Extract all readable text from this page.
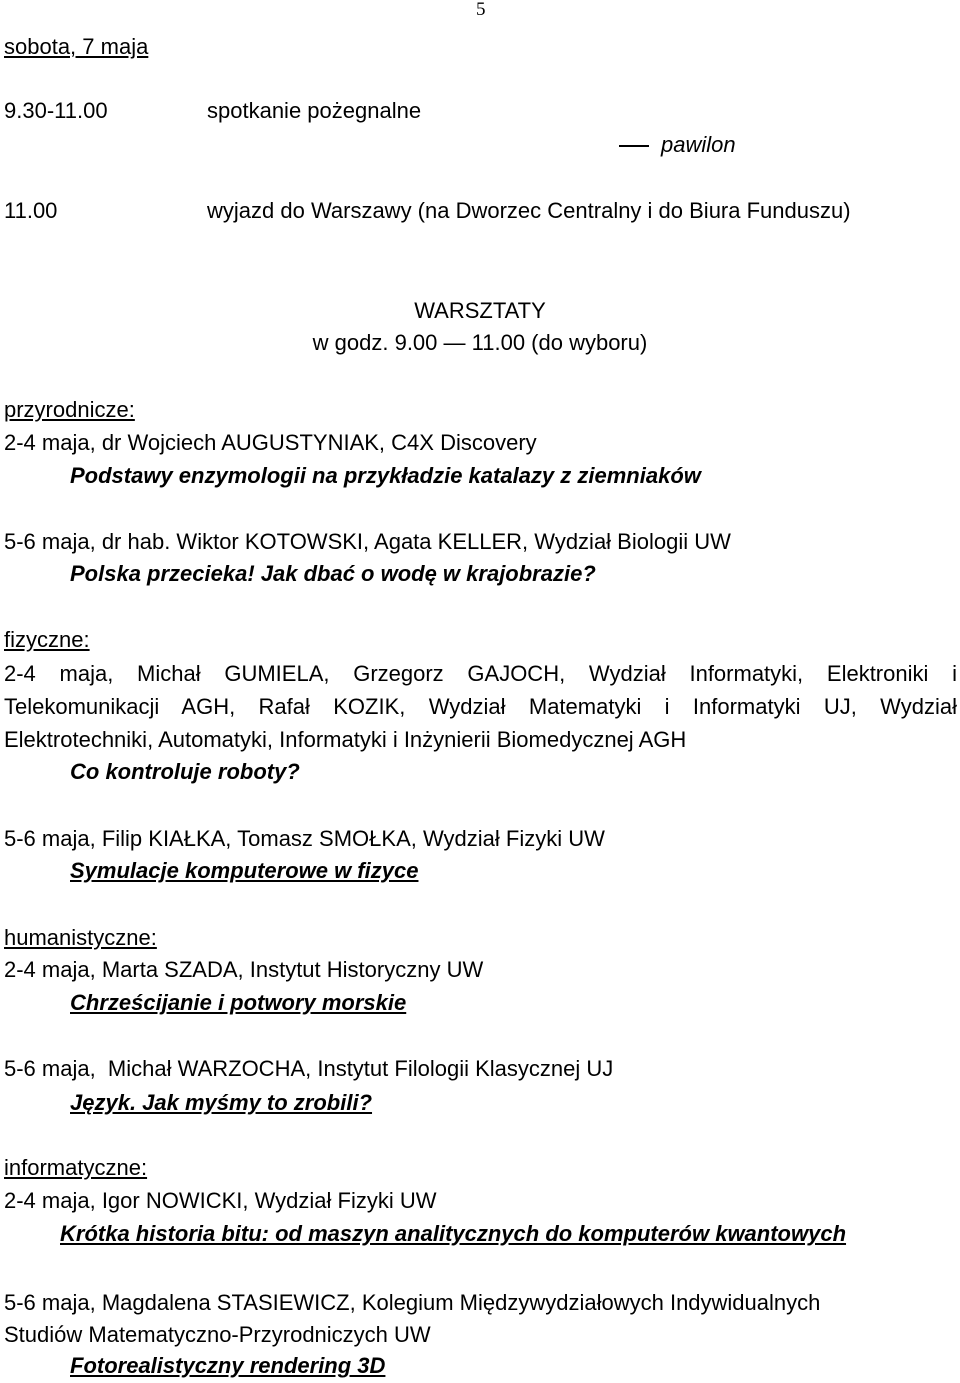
5
sobota, 7 maja
9.30-11.00	spotkanie pożegnalne
pawilon
11.00	wyjazd do Warszawy (na Dworzec Centralny i do Biura Funduszu)
WARSZTATY
w godz. 9.00 — 11.00 (do wyboru)
przyrodnicze:
2-4 maja, dr Wojciech AUGUSTYNIAK, C4X Discovery
Podstawy enzymologii na przykładzie katalazy z ziemniaków
5-6 maja, dr hab. Wiktor KOTOWSKI, Agata KELLER, Wydział Biologii UW
Polska przecieka! Jak dbać o wodę w krajobrazie?
fizyczne:
2-4 maja, Michał GUMIELA, Grzegorz GAJOCH, Wydział Informatyki, Elektroniki i Telekomunikacji AGH, Rafał KOZIK, Wydział Matematyki i Informatyki UJ, Wydział Elektrotechniki, Automatyki, Informatyki i Inżynierii Biomedycznej AGH
Co kontroluje roboty?
5-6 maja, Filip KIAŁKA, Tomasz SMOŁKA, Wydział Fizyki UW
Symulacje komputerowe w fizyce
humanistyczne:
2-4 maja, Marta SZADA, Instytut Historyczny UW
Chrześcijanie i potwory morskie
5-6 maja,  Michał WARZOCHA, Instytut Filologii Klasycznej UJ
Język. Jak myśmy to zrobili?
informatyczne:
2-4 maja, Igor NOWICKI, Wydział Fizyki UW
Krótka historia bitu: od maszyn analitycznych do komputerów kwantowych
5-6 maja, Magdalena STASIEWICZ, Kolegium Międzywydziałowych Indywidualnych Studiów Matematyczno-Przyrodniczych UW
Fotorealistyczny rendering 3D
